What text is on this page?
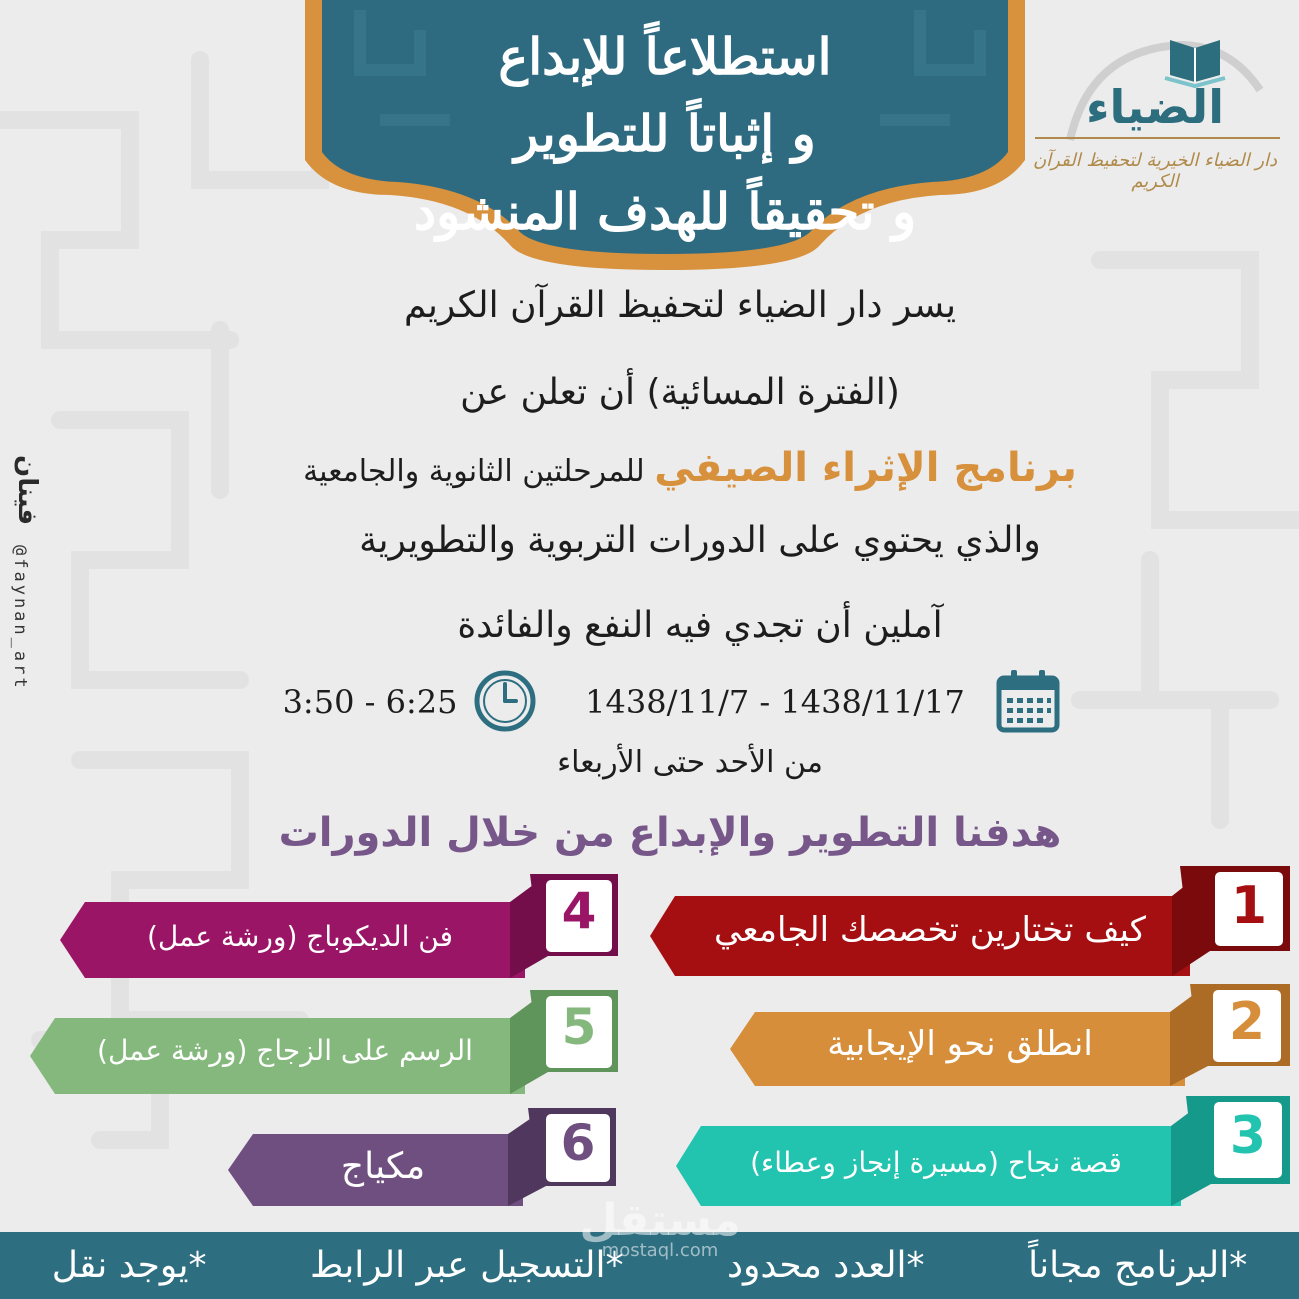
استطلاعاً للإبداع
و إثباتاً للتطوير
و تحقيقاً للهدف المنشود
الضياء
دار الضياء الخيرية لتحفيظ القرآن الكريم
فينان
@faynan_art
يسر دار الضياء لتحفيظ القرآن الكريم
(الفترة المسائية) أن تعلن عن
برنامج الإثراء الصيفي للمرحلتين الثانوية والجامعية
والذي يحتوي على الدورات التربوية والتطويرية
آملين أن تجدي فيه النفع والفائدة
1438/11/7 - 1438/11/17
3:50 - 6:25
من الأحد حتى الأربعاء
هدفنا التطوير والإبداع من خلال الدورات
كيف تختارين تخصصك الجامعي	1
انطلق نحو الإيجابية	2
قصة نجاح (مسيرة إنجاز وعطاء)	3
فن الديكوباج (ورشة عمل)	4
الرسم على الزجاج (ورشة عمل)	5
مكياج	6
*يوجد نقل	*التسجيل عبر الرابط	*العدد محدود	*البرنامج مجاناً
مستقل
mostaql.com
